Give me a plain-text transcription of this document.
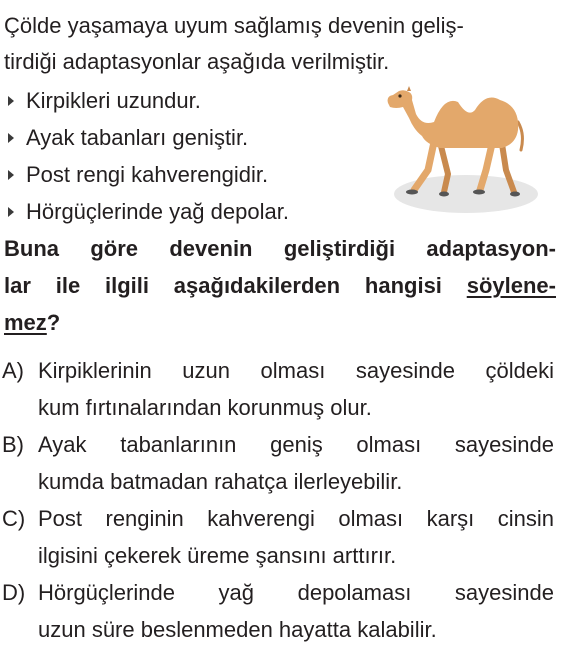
Çölde yaşamaya uyum sağlamış devenin geliş-
tirdiği adaptasyonlar aşağıda verilmiştir.
Kirpikleri uzundur.
Ayak tabanları geniştir.
Post rengi kahverengidir.
Hörgüçlerinde yağ depolar.
Buna göre devenin geliştirdiği adaptasyon-
lar ile ilgili aşağıdakilerden hangisi söylene-
mez?
A) Kirpiklerinin uzun olması sayesinde çöldeki
kum fırtınalarından korunmuş olur.
B) Ayak tabanlarının geniş olması sayesinde
kumda batmadan rahatça ilerleyebilir.
C) Post renginin kahverengi olması karşı cinsin
ilgisini çekerek üreme şansını arttırır.
D) Hörgüçlerinde yağ depolaması sayesinde
uzun süre beslenmeden hayatta kalabilir.
